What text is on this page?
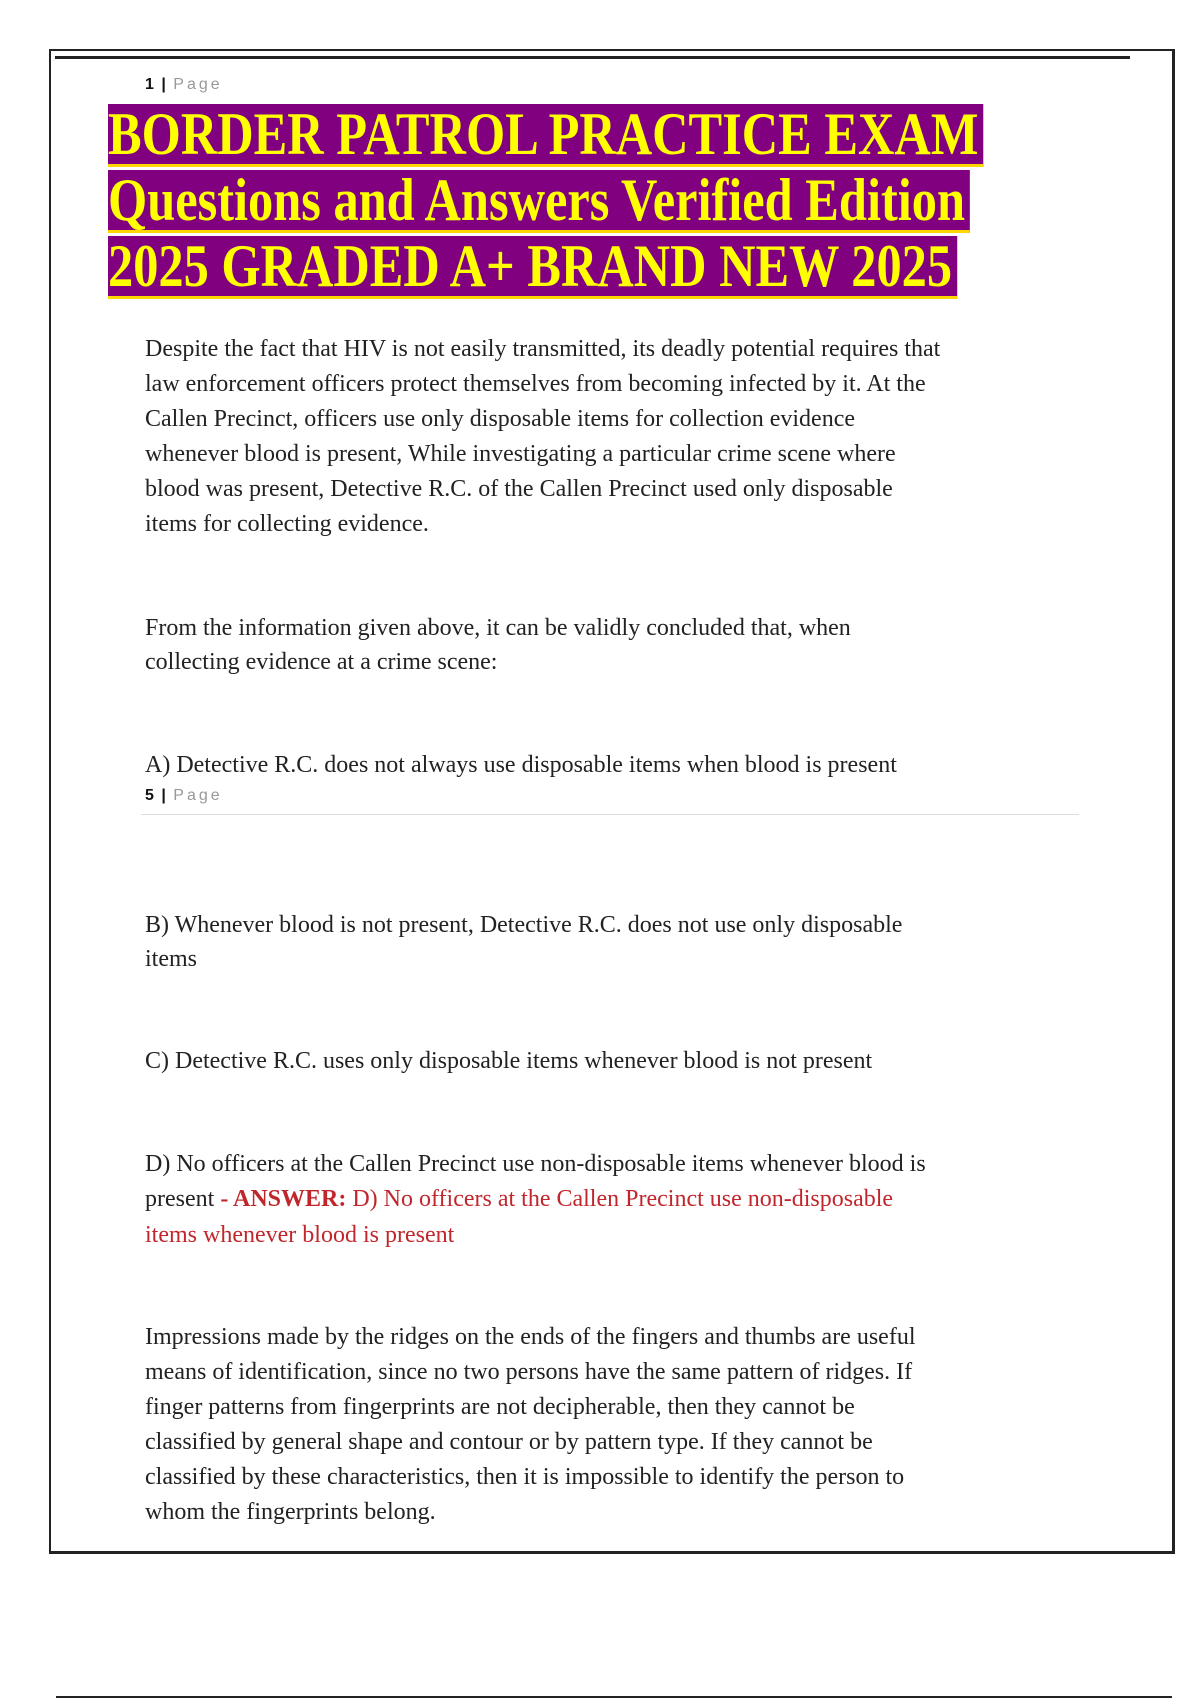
1 | Page
BORDER PATROL PRACTICE EXAM
Questions and Answers Verified Edition
2025 GRADED A+ BRAND NEW 2025
Despite the fact that HIV is not easily transmitted, its deadly potential requires that
law enforcement officers protect themselves from becoming infected by it. At the
Callen Precinct, officers use only disposable items for collection evidence
whenever blood is present, While investigating a particular crime scene where
blood was present, Detective R.C. of the Callen Precinct used only disposable
items for collecting evidence.
From the information given above, it can be validly concluded that, when
collecting evidence at a crime scene:
A) Detective R.C. does not always use disposable items when blood is present
5 | Page
B) Whenever blood is not present, Detective R.C. does not use only disposable
items
C) Detective R.C. uses only disposable items whenever blood is not present
D) No officers at the Callen Precinct use non-disposable items whenever blood is
present - ANSWER: D) No officers at the Callen Precinct use non-disposable
items whenever blood is present
Impressions made by the ridges on the ends of the fingers and thumbs are useful
means of identification, since no two persons have the same pattern of ridges. If
finger patterns from fingerprints are not decipherable, then they cannot be
classified by general shape and contour or by pattern type. If they cannot be
classified by these characteristics, then it is impossible to identify the person to
whom the fingerprints belong.
